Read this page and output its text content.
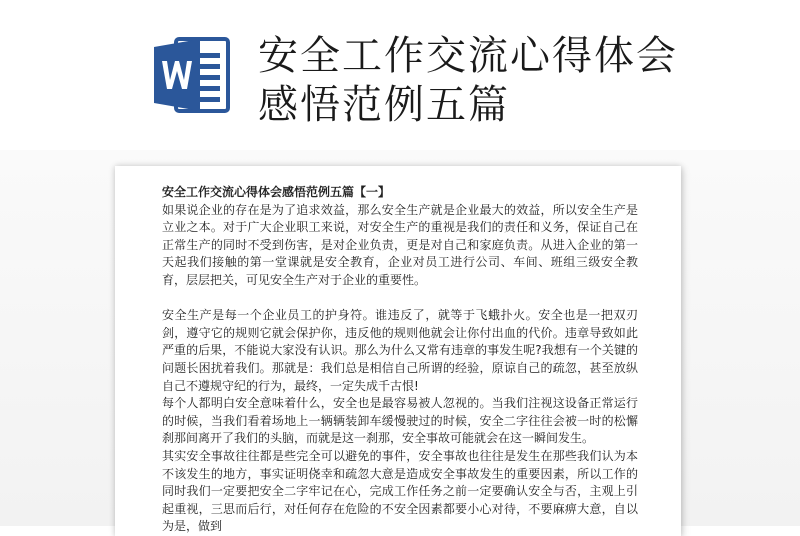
安全工作交流心得体会感悟范例五篇

安全工作交流心得体会感悟范例五篇【一】

如果说企业的存在是为了追求效益，那么安全生产就是企业最大的效益，所以安全生产是立业之本。对于广大企业职工来说，对安全生产的重视是我们的责任和义务，保证自己在正常生产的同时不受到伤害，是对企业负责，更是对自己和家庭负责。从进入企业的第一天起我们接触的第一堂课就是安全教育，企业对员工进行公司、车间、班组三级安全教育，层层把关，可见安全生产对于企业的重要性。

安全生产是每一个企业员工的护身符。谁违反了，就等于飞蛾扑火。安全也是一把双刃剑，遵守它的规则它就会保护你，违反他的规则他就会让你付出血的代价。违章导致如此严重的后果，不能说大家没有认识。那么为什么又常有违章的事发生呢?我想有一个关键的问题长困扰着我们。那就是：我们总是相信自己所谓的经验，原谅自己的疏忽，甚至放纵自己不遵规守纪的行为，最终，一定失成千古恨!

每个人都明白安全意味着什么，安全也是最容易被人忽视的。当我们注视这设备正常运行的时候，当我们看着场地上一辆辆装卸车缓慢驶过的时候，安全二字往往会被一时的松懈刹那间离开了我们的头脑，而就是这一刹那，安全事故可能就会在这一瞬间发生。

其实安全事故往往都是些完全可以避免的事件，安全事故也往往是发生在那些我们认为本不该发生的地方，事实证明侥幸和疏忽大意是造成安全事故发生的重要因素，所以工作的同时我们一定要把安全二字牢记在心，完成工作任务之前一定要确认安全与否，主观上引起重视，三思而后行，对任何存在危险的不安全因素都要小心对待，不要麻痹大意，自以为是，做到
